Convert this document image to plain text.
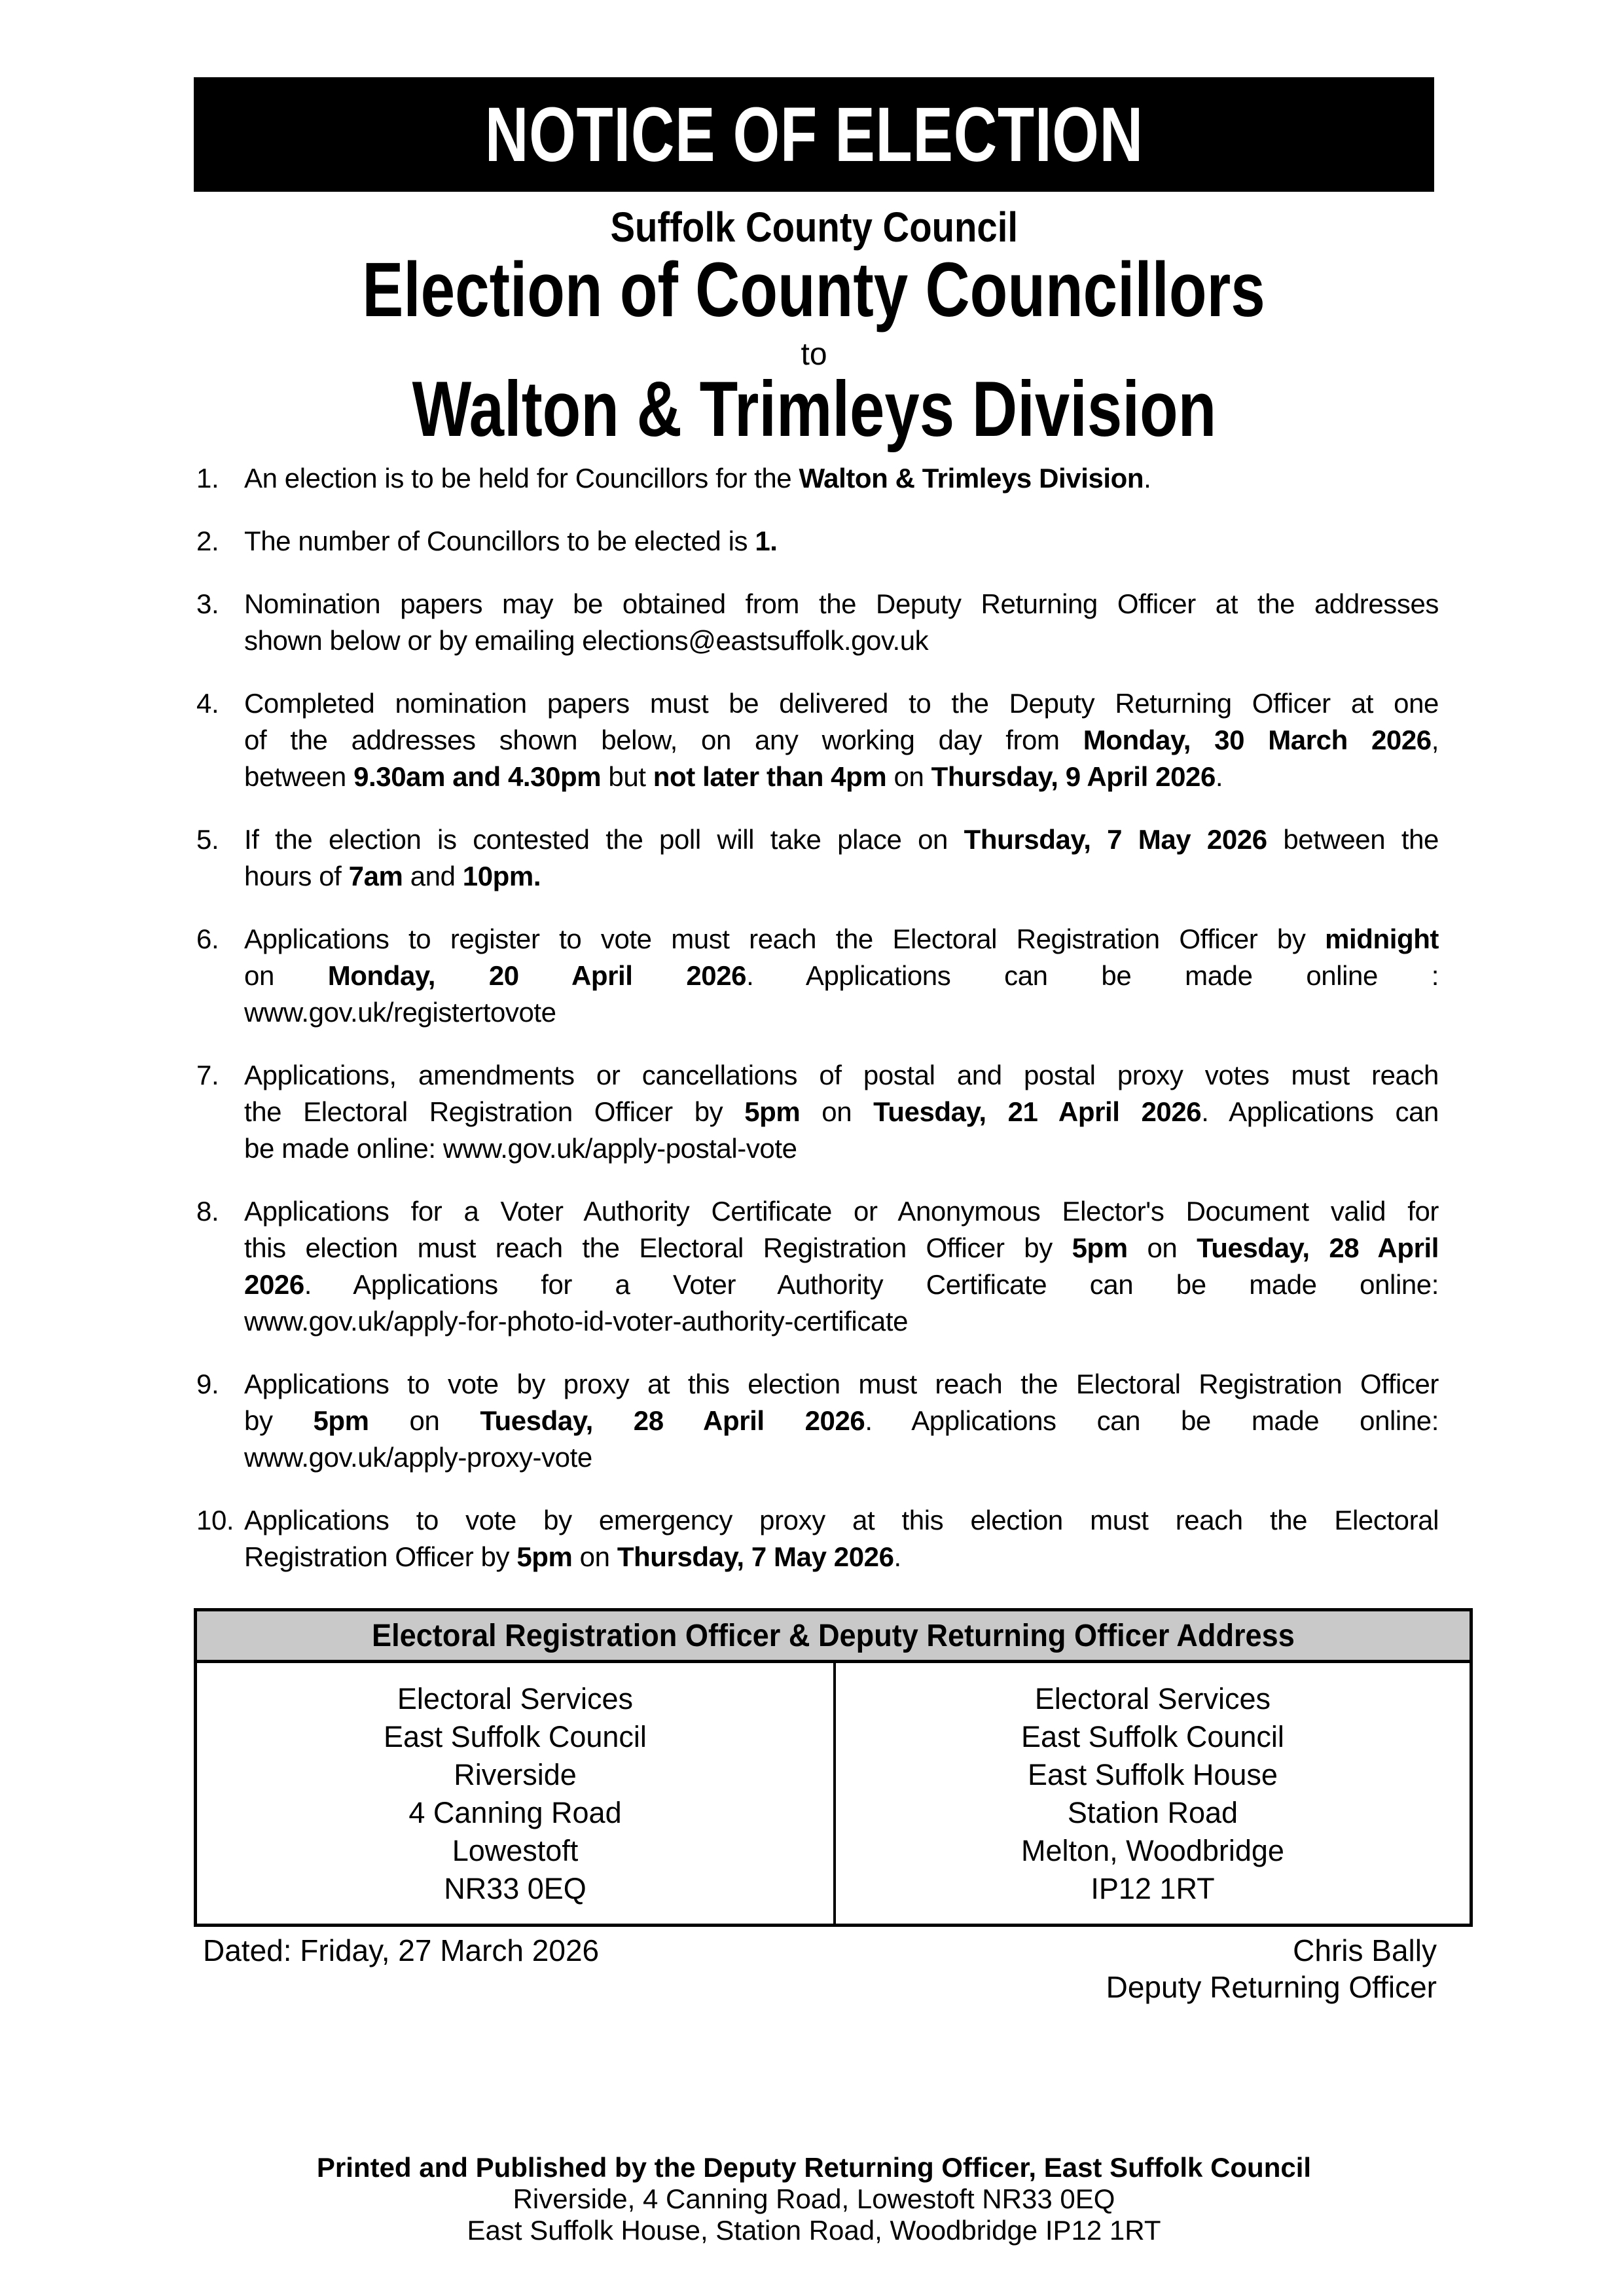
NOTICE OF ELECTION
Suffolk County Council
Election of County Councillors
to
Walton & Trimleys Division
1. An election is to be held for Councillors for the Walton & Trimleys Division.
2. The number of Councillors to be elected is 1.
3. Nomination papers may be obtained from the Deputy Returning Officer at the addresses
shown below or by emailing elections@eastsuffolk.gov.uk
4. Completed nomination papers must be delivered to the Deputy Returning Officer at one
of the addresses shown below, on any working day from Monday, 30 March 2026,
between 9.30am and 4.30pm but not later than 4pm on Thursday, 9 April 2026.
5. If the election is contested the poll will take place on Thursday, 7 May 2026 between the
hours of 7am and 10pm.
6. Applications to register to vote must reach the Electoral Registration Officer by midnight
on Monday, 20 April 2026. Applications can be made online :
www.gov.uk/registertovote
7. Applications, amendments or cancellations of postal and postal proxy votes must reach
the Electoral Registration Officer by 5pm on Tuesday, 21 April 2026. Applications can
be made online: www.gov.uk/apply-postal-vote
8. Applications for a Voter Authority Certificate or Anonymous Elector's Document valid for
this election must reach the Electoral Registration Officer by 5pm on Tuesday, 28 April
2026. Applications for a Voter Authority Certificate can be made online:
www.gov.uk/apply-for-photo-id-voter-authority-certificate
9. Applications to vote by proxy at this election must reach the Electoral Registration Officer
by 5pm on Tuesday, 28 April 2026. Applications can be made online:
www.gov.uk/apply-proxy-vote
10. Applications to vote by emergency proxy at this election must reach the Electoral
Registration Officer by 5pm on Thursday, 7 May 2026.
Electoral Registration Officer & Deputy Returning Officer Address
Electoral Services
East Suffolk Council
Riverside
4 Canning Road
Lowestoft
NR33 0EQ
Electoral Services
East Suffolk Council
East Suffolk House
Station Road
Melton, Woodbridge
IP12 1RT
Dated: Friday, 27 March 2026	Chris Bally
Deputy Returning Officer
Printed and Published by the Deputy Returning Officer, East Suffolk Council
Riverside, 4 Canning Road, Lowestoft NR33 0EQ
East Suffolk House, Station Road, Woodbridge IP12 1RT
